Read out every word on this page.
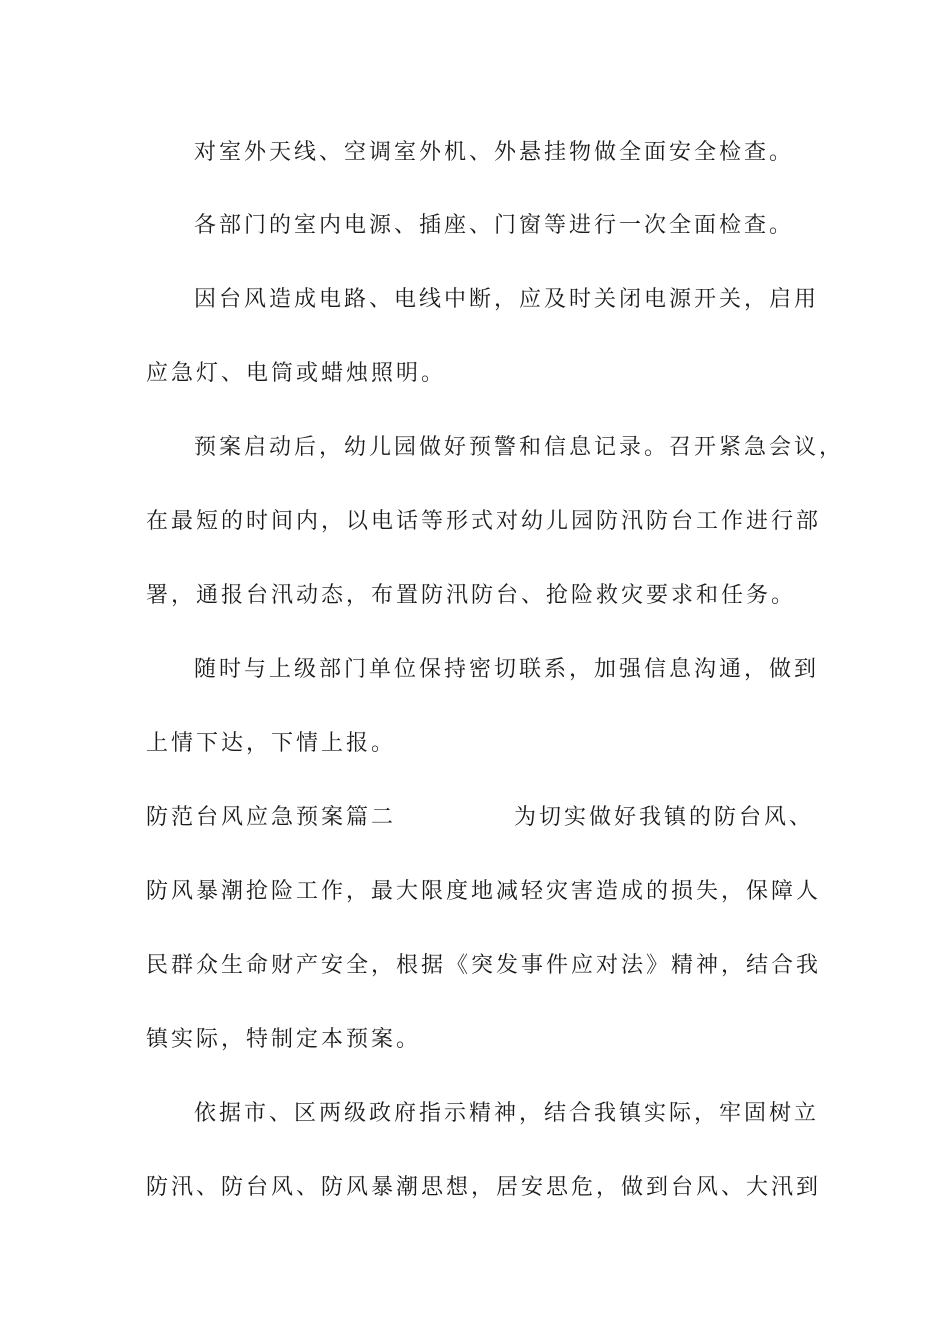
对室外天线、空调室外机、外悬挂物做全面安全检查。

各部门的室内电源、插座、门窗等进行一次全面检查。

因台风造成电路、电线中断，应及时关闭电源开关，启用

应急灯、电筒或蜡烛照明。

预案启动后，幼儿园做好预警和信息记录。召开紧急会议，

在最短的时间内，以电话等形式对幼儿园防汛防台工作进行部

署，通报台汛动态，布置防汛防台、抢险救灾要求和任务。

随时与上级部门单位保持密切联系，加强信息沟通，做到

上情下达，下情上报。

防范台风应急预案篇二	为切实做好我镇的防台风、

防风暴潮抢险工作，最大限度地减轻灾害造成的损失，保障人

民群众生命财产安全，根据《突发事件应对法》精神，结合我

镇实际，特制定本预案。

依据市、区两级政府指示精神，结合我镇实际，牢固树立

防汛、防台风、防风暴潮思想，居安思危，做到台风、大汛到
